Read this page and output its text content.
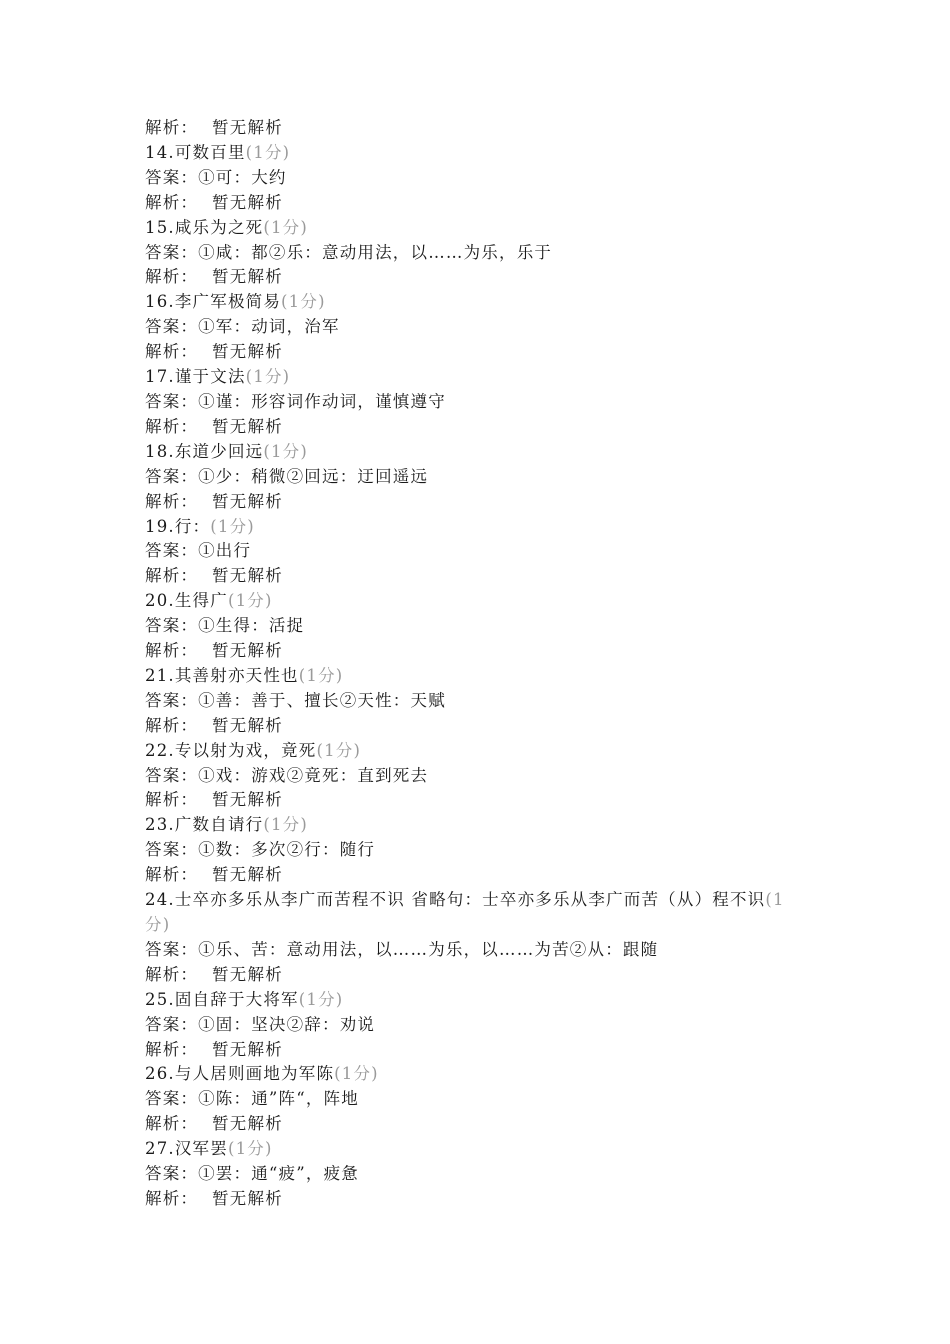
解析： 暂无解析
14.可数百里(1分)
答案：①可：大约
解析： 暂无解析
15.咸乐为之死(1分)
答案：①咸：都②乐：意动用法，以……为乐，乐于
解析： 暂无解析
16.李广军极简易(1分)
答案：①军：动词，治军
解析： 暂无解析
17.谨于文法(1分)
答案：①谨：形容词作动词，谨慎遵守
解析： 暂无解析
18.东道少回远(1分)
答案：①少：稍微②回远：迂回遥远
解析： 暂无解析
19.行：(1分)
答案：①出行
解析： 暂无解析
20.生得广(1分)
答案：①生得：活捉
解析： 暂无解析
21.其善射亦天性也(1分)
答案：①善：善于、擅长②天性：天赋
解析： 暂无解析
22.专以射为戏，竟死(1分)
答案：①戏：游戏②竟死：直到死去
解析： 暂无解析
23.广数自请行(1分)
答案：①数：多次②行：随行
解析： 暂无解析
24.士卒亦多乐从李广而苦程不识 省略句：士卒亦多乐从李广而苦（从）程不识(1分)
答案：①乐、苦：意动用法，以……为乐，以……为苦②从：跟随
解析： 暂无解析
25.固自辞于大将军(1分)
答案：①固：坚决②辞：劝说
解析： 暂无解析
26.与人居则画地为军陈(1分)
答案：①陈：通”阵“，阵地
解析： 暂无解析
27.汉军罢(1分)
答案：①罢：通“疲”，疲惫
解析： 暂无解析
